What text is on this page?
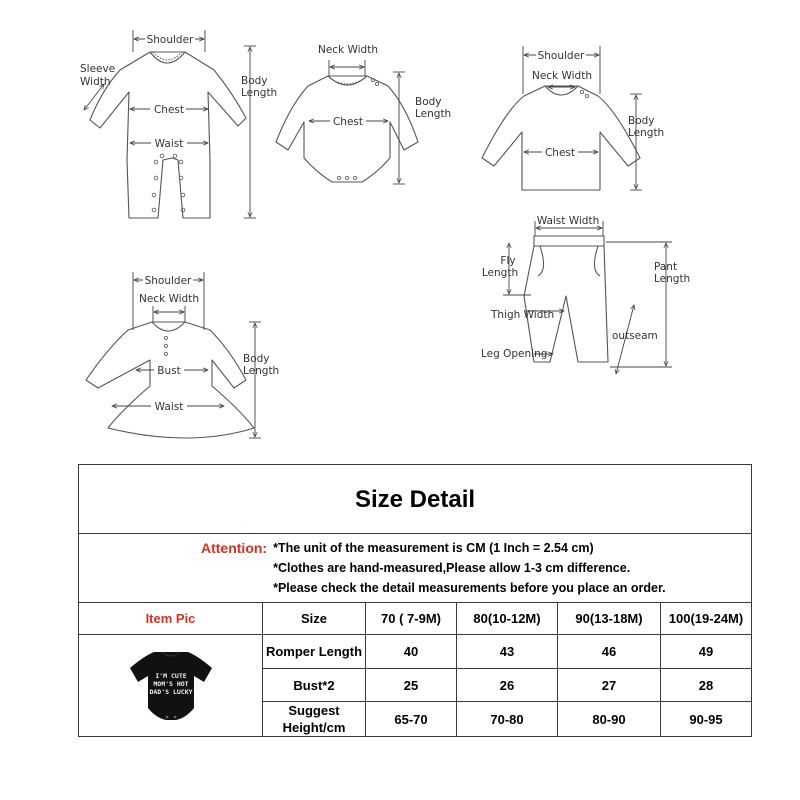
Shoulder
Sleeve
Width	Body
Length
Chest
Waist
Neck Width
Chest
Body
Length
Shoulder
Neck Width
Chest
Body
Length
Waist Width
Fly
Length	Pant
Length
outseam
Thigh Width
Leg Opening
Shoulder
Neck Width
Bust
Waist
Body
Length
Size Detail					

Attention: *The unit of the measurement is CM (1 Inch = 2.54 cm)
*Clothes are hand-measured,Please allow 1-3 cm difference.
*Please check the detail measurements before you place an order.					

Item Pic	Size	70 ( 7-9M)	80(10-12M)	90(13-18M)	100(19-24M)

I'M CUTE
MOM'S HOT
DAD'S LUCKY	Romper Length	40	43	46	49
	Bust*2	25	26	27	28
	Suggest Height/cm	65-70	70-80	80-90	90-95
